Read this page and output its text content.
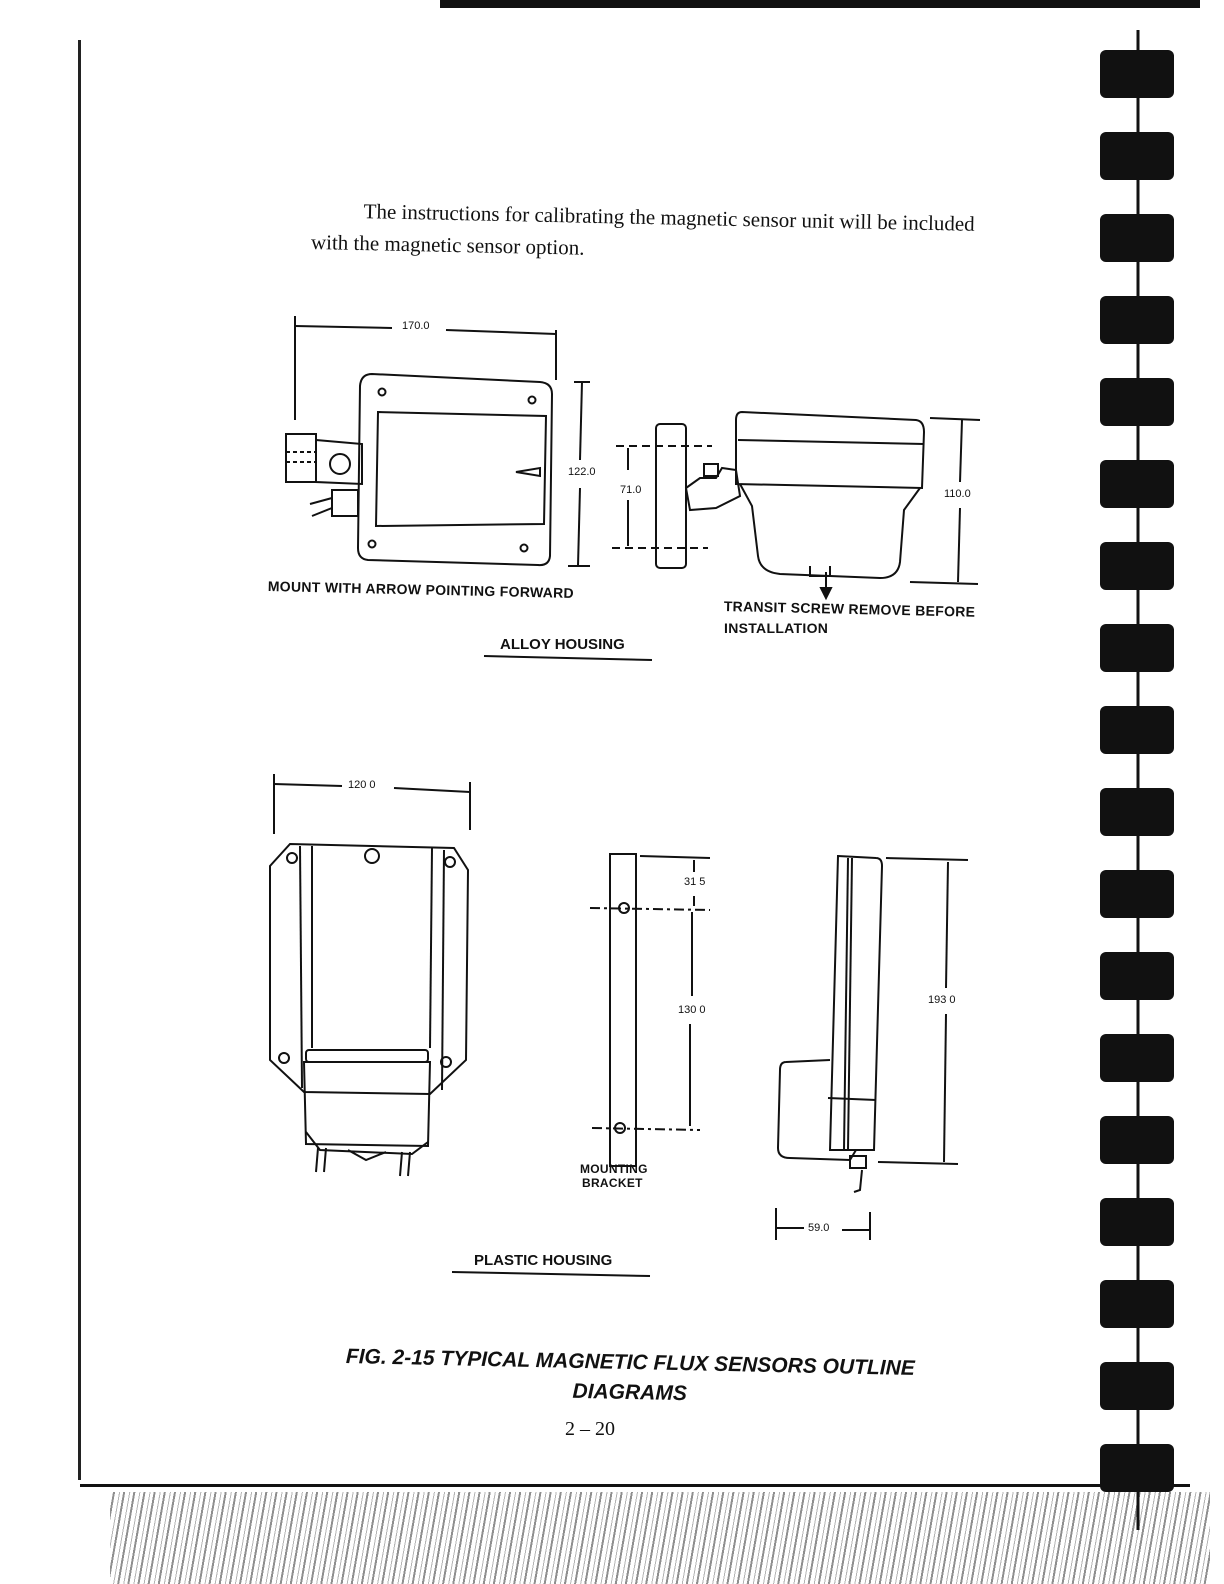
The instructions for calibrating the magnetic sensor unit will be included with the magnetic sensor option.

170.0
122.0
71.0	110.0
MOUNT WITH ARROW POINTING FORWARD
TRANSIT SCREW REMOVE BEFORE
INSTALLATION
ALLOY HOUSING
120 0
31 5
130 0
193 0
59.0
MOUNTING
BRACKET
PLASTIC HOUSING
FIG. 2-15 TYPICAL MAGNETIC FLUX SENSORS OUTLINE
DIAGRAMS
2 – 20
